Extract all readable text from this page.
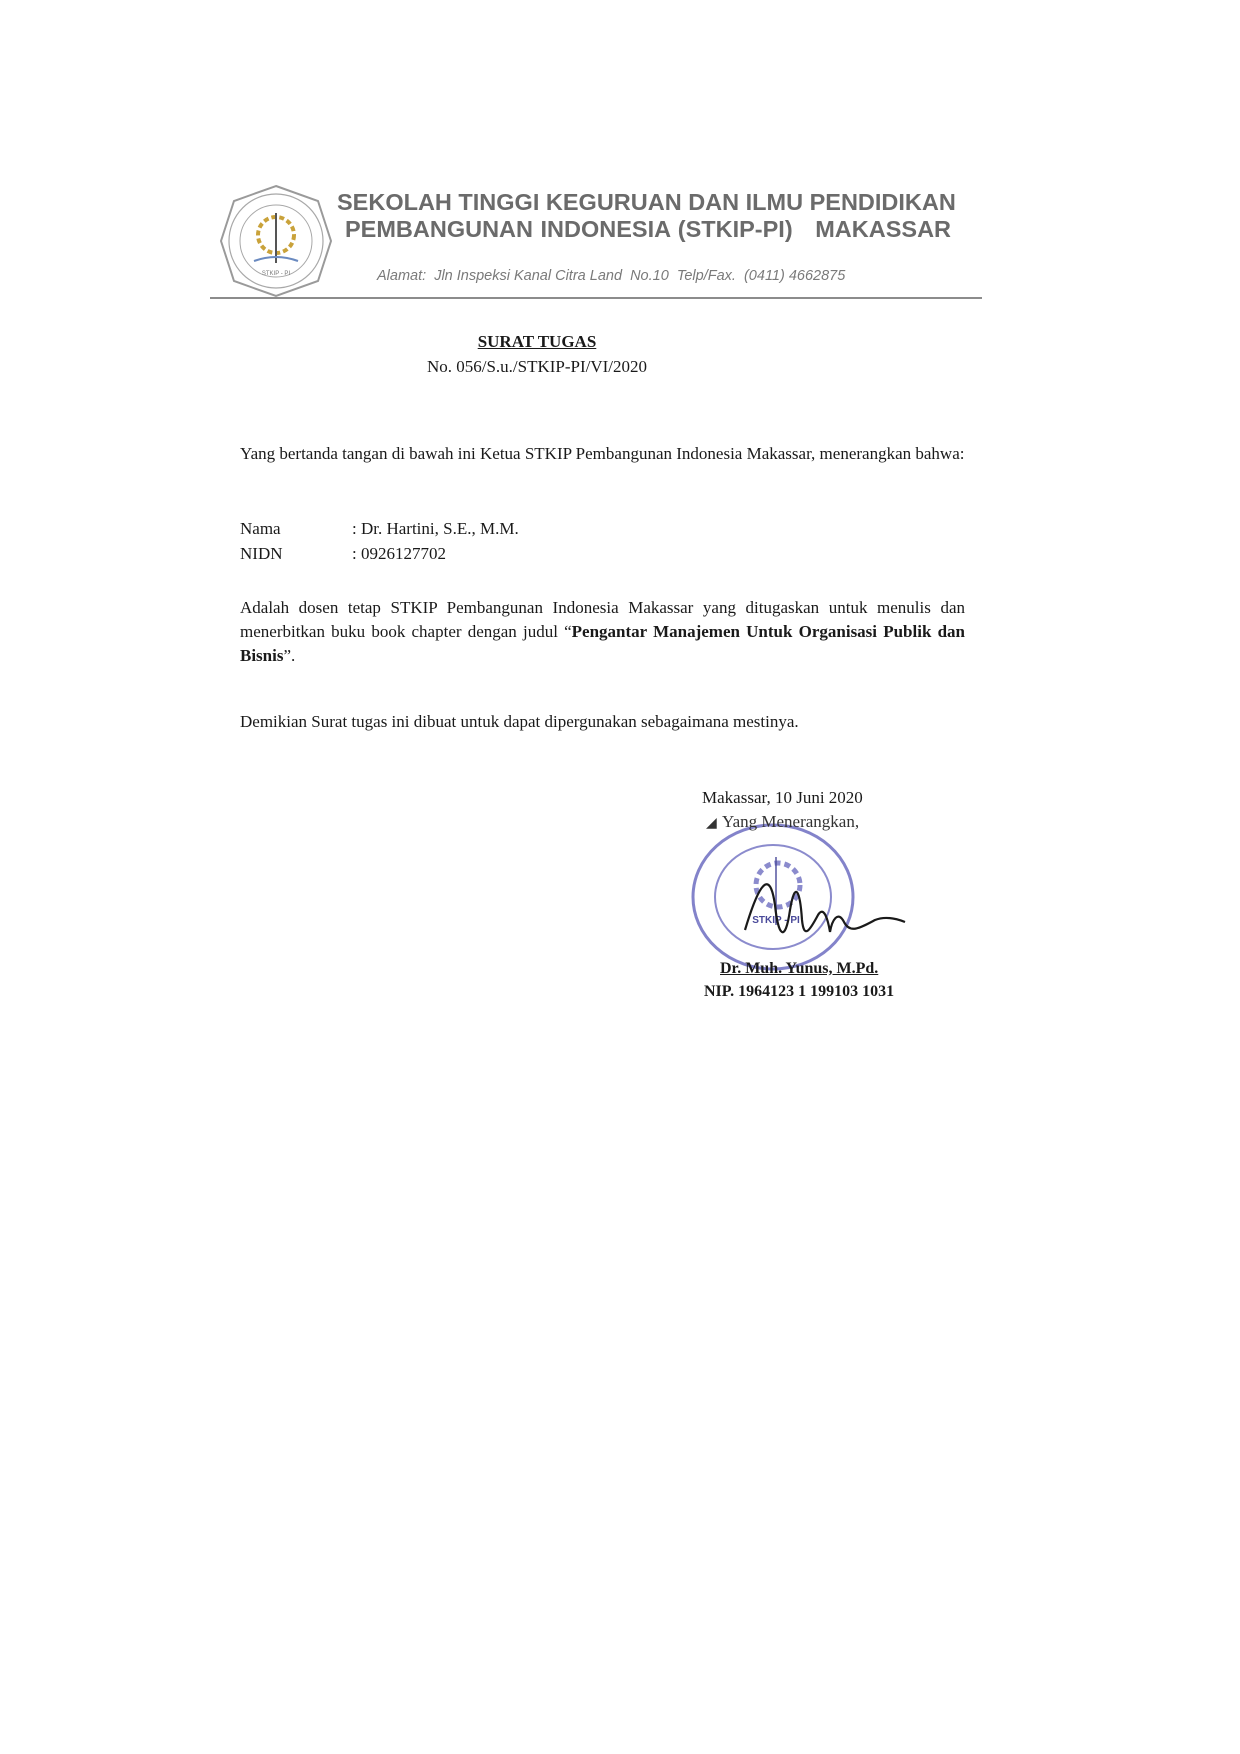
STKIP - PI
SEKOLAH TINGGI KEGURUAN DAN ILMU PENDIDIKAN
PEMBANGUNAN INDONESIA (STKIP-PI)   MAKASSAR
Alamat:  Jln Inspeksi Kanal Citra Land  No.10  Telp/Fax.  (0411) 4662875
SURAT TUGAS
No. 056/S.u./STKIP-PI/VI/2020
Yang bertanda tangan di bawah ini Ketua STKIP Pembangunan Indonesia Makassar, menerangkan bahwa:
Nama	: Dr. Hartini, S.E., M.M.
NIDN	: 0926127702
Adalah dosen tetap STKIP Pembangunan Indonesia Makassar yang ditugaskan untuk menulis dan menerbitkan buku book chapter dengan judul “Pengantar Manajemen Untuk Organisasi Publik dan Bisnis”.
Demikian Surat tugas ini dibuat untuk dapat dipergunakan sebagaimana mestinya.
Makassar, 10 Juni 2020
STKIP - PI
◢ Yang Menerangkan,
Dr. Muh. Yunus, M.Pd.
NIP. 1964123 1 199103 1031
